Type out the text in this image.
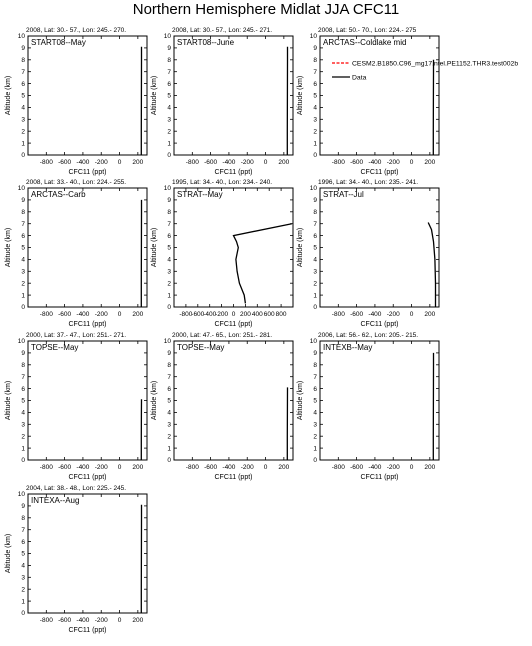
Northern Hemisphere Midlat JJA CFC11
2008, Lat: 30.- 57., Lon: 245.- 270.
START08--May
-800 -600 -400 -200 0 200
0
1
2
3
4
5
6
7
8
9
10
CFC11 (ppt)
Altitude (km)
2008, Lat: 30.- 57., Lon: 245.- 271.
START08--June
-800 -600 -400 -200 0 200
0
1
2
3
4
5
6
7
8
9
10
CFC11 (ppt)
Altitude (km)
2008, Lat: 50.- 70., Lon: 224.- 275
ARCTAS--Coldlake mid
-800 -600 -400 -200 0 200
0
1
2
3
4
5
6
7
8
9
10
CFC11 (ppt)
Altitude (km)
2008, Lat: 33.- 40., Lon: 224.- 255.
ARCTAS--Carb
-800 -600 -400 -200 0 200
0
1
2
3
4
5
6
7
8
9
10
CFC11 (ppt)
Altitude (km)
1995, Lat: 34.- 40., Lon: 234.- 240.
STRAT--May
-800
-600
-400
-200 0 200 400 600 800
0
1
2
3
4
5
6
7
8
9
10
CFC11 (ppt)
Altitude (km)
1996, Lat: 34.- 40., Lon: 235.- 241.
STRAT--Jul
-800 -600 -400 -200 0 200
0
1
2
3
4
5
6
7
8
9
10
CFC11 (ppt)
Altitude (km)
2000, Lat: 37.- 47., Lon: 251.- 271.
TOPSE--May
-800 -600 -400 -200 0 200
0
1
2
3
4
5
6
7
8
9
10
CFC11 (ppt)
Altitude (km)
2000, Lat: 47.- 65., Lon: 251.- 281.
TOPSE--May
-800 -600 -400 -200 0 200
0
1
2
3
4
5
6
7
8
9
10
CFC11 (ppt)
Altitude (km)
2006, Lat: 56.- 62., Lon: 205.- 215.
INTEXB--May
-800 -600 -400 -200 0 200
0
1
2
3
4
5
6
7
8
9
10
CFC11 (ppt)
Altitude (km)
2004, Lat: 38.- 48., Lon: 225.- 245.
INTEXA--Aug
-800 -600 -400 -200 0 200
0
1
2
3
4
5
6
7
8
9
10
CFC11 (ppt)
Altitude (km)
CESM2.B1850.C96_mg17.ntel.PE1152.THR3.test002b
Data
